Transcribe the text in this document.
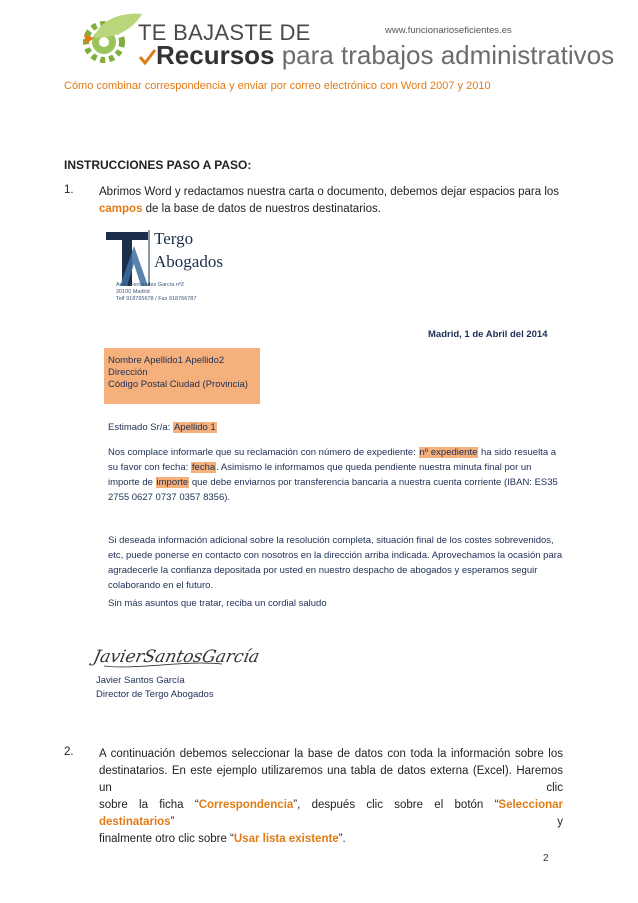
TE BAJASTE DE	www.funcionarioseficientes.es
Recursos para trabajos administrativos
Cómo combinar correspondencia y enviar por correo electrónico con Word 2007 y 2010
INSTRUCCIONES PASO A PASO:
1. Abrimos Word y redactamos nuestra carta o documento, debemos dejar espacios para los
campos de la base de datos de nuestros destinatarios.
Tergo
Abogados
Avda Fernández García nº2
20100 Madrid
Telf 918765678 / Fax 918766787
Madrid, 1 de Abril del 2014
Nombre Apellido1 Apellido2
Dirección
Código Postal Ciudad (Provincia)
Estimado Sr/a: Apellido 1
Nos complace informarle que su reclamación con número de expediente: nº expediente ha sido resuelta a
su favor con fecha: fecha. Asimismo le informamos que queda pendiente nuestra minuta final por un
importe de importe que debe enviarnos por transferencia bancaria a nuestra cuenta corriente (IBAN: ES35
2755 0627 0737 0357 8356).
Si deseada información adicional sobre la resolución completa, situación final de los costes sobrevenidos,
etc, puede ponerse en contacto con nosotros en la dirección arriba indicada. Aprovechamos la ocasión para
agradecerle la confianza depositada por usted en nuestro despacho de abogados y esperamos seguir
colaborando en el futuro.
Sin más asuntos que tratar, reciba un cordial saludo
JavierSantosGarcía
Javier Santos García
Director de Tergo Abogados
2. A continuación debemos seleccionar la base de datos con toda la información sobre los
destinatarios. En este ejemplo utilizaremos una tabla de datos externa (Excel). Haremos un clic
sobre la ficha “Correspondencia”, después clic sobre el botón “Seleccionar destinatarios” y
finalmente otro clic sobre “Usar lista existente”.
2
